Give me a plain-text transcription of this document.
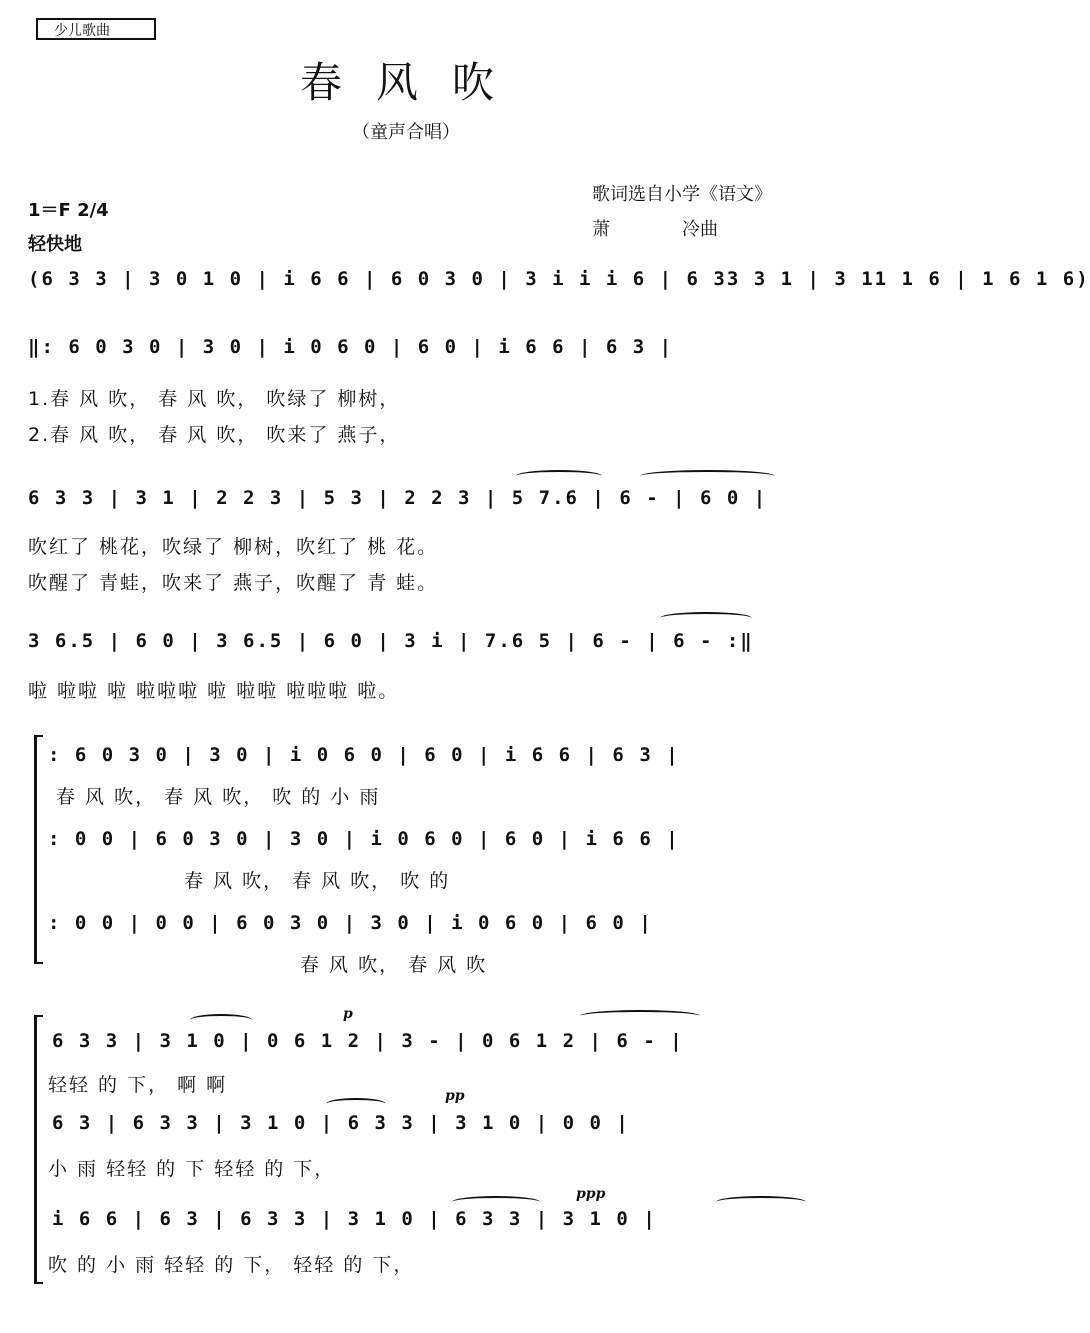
少儿歌曲
春风吹
（童声合唱）
1＝F 2/4
轻快地
歌词选自小学《语文》
萧　　　　冷曲
(6 3 3 | 3 0 1 0 | i 6 6 | 6 0 3 0 | 3 i i i 6 | 6 33 3 1 | 3 11 1 6 | 1 6 1 6)
‖: 6 0 3 0 | 3 0 | i 0 6 0 | 6 0 | i 6 6 | 6 3 |
1.春 风 吹， 春 风 吹， 吹绿了 柳树，
2.春 风 吹， 春 风 吹， 吹来了 燕子，
6 3 3 | 3 1 | 2 2 3 | 5 3 | 2 2 3 | 5 7.6 | 6 - | 6 0 |
吹红了 桃花，吹绿了 柳树，吹红了 桃 花。
吹醒了 青蛙，吹来了 燕子，吹醒了 青 蛙。
3 6.5 | 6 0 | 3 6.5 | 6 0 | 3 i | 7.6 5 | 6 - | 6 - :‖
啦 啦啦 啦 啦啦啦 啦 啦啦 啦啦啦 啦。
: 6 0 3 0 | 3 0 | i 0 6 0 | 6 0 | i 6 6 | 6 3 |
春 风 吹， 春 风 吹， 吹 的 小 雨
: 0 0 | 6 0 3 0 | 3 0 | i 0 6 0 | 6 0 | i 6 6 |
春 风 吹， 春 风 吹， 吹 的
: 0 0 | 0 0 | 6 0 3 0 | 3 0 | i 0 6 0 | 6 0 |
春 风 吹， 春 风 吹
p
6 3 3 | 3 1 0 | 0 6 1 2 | 3 - | 0 6 1 2 | 6 - |
轻轻 的 下， 啊 啊	pp
6 3 | 6 3 3 | 3 1 0 | 6 3 3 | 3 1 0 | 0 0 |
小 雨 轻轻 的 下 轻轻 的 下，
ppp
i 6 6 | 6 3 | 6 3 3 | 3 1 0 | 6 3 3 | 3 1 0 |
吹 的 小 雨 轻轻 的 下， 轻轻 的 下，
